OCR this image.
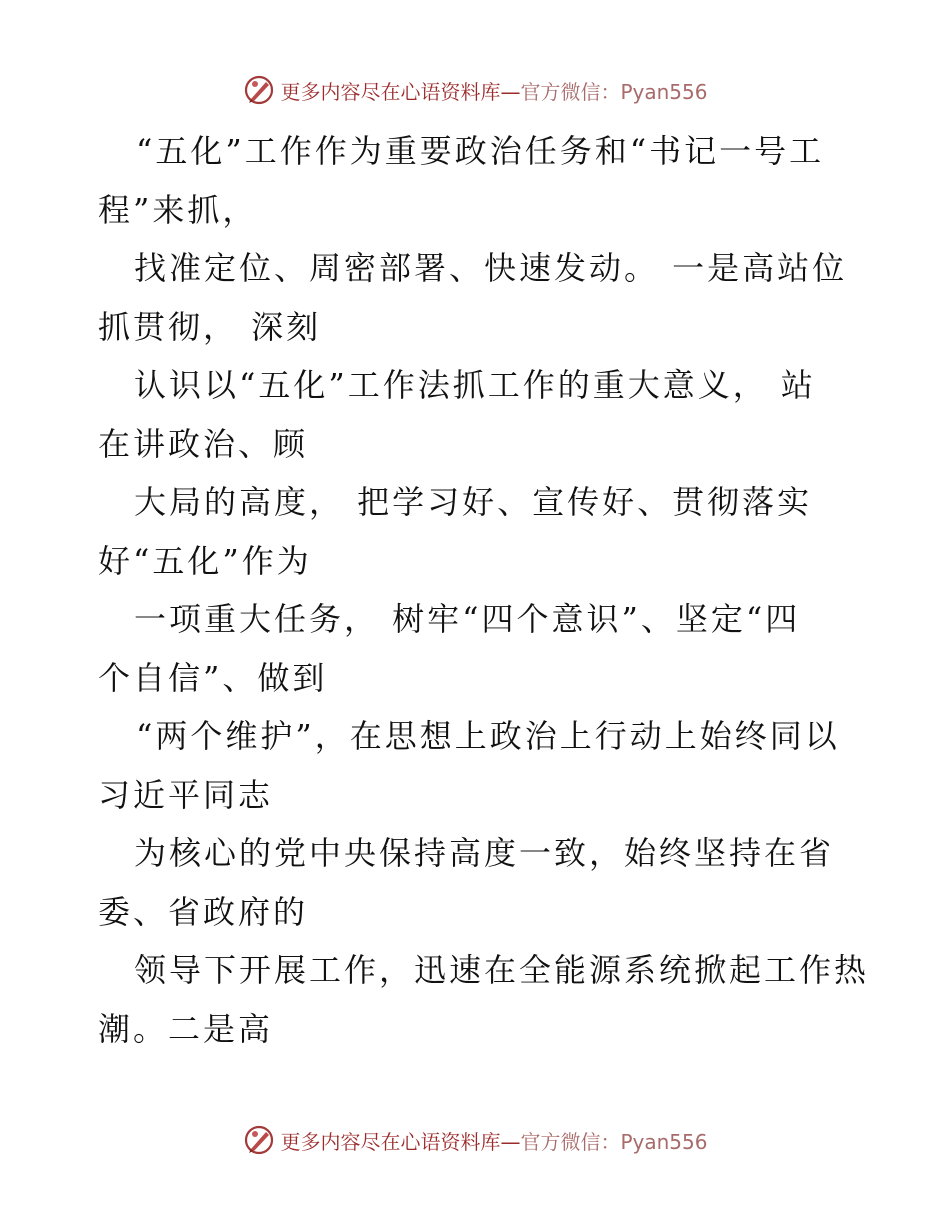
更多内容尽在心语资料库—官方微信：Pyan556
“五化”工作作为重要政治任务和“书记一号工
程”来抓，
找准定位、周密部署、快速发动。 一是高站位
抓贯彻， 深刻
认识以“五化”工作法抓工作的重大意义， 站
在讲政治、顾
大局的高度， 把学习好、宣传好、贯彻落实
好“五化”作为
一项重大任务， 树牢“四个意识”、坚定“四
个自信”、做到
“两个维护”，在思想上政治上行动上始终同以
习近平同志
为核心的党中央保持高度一致，始终坚持在省
委、省政府的
领导下开展工作，迅速在全能源系统掀起工作热
潮。二是高
更多内容尽在心语资料库—官方微信：Pyan556
